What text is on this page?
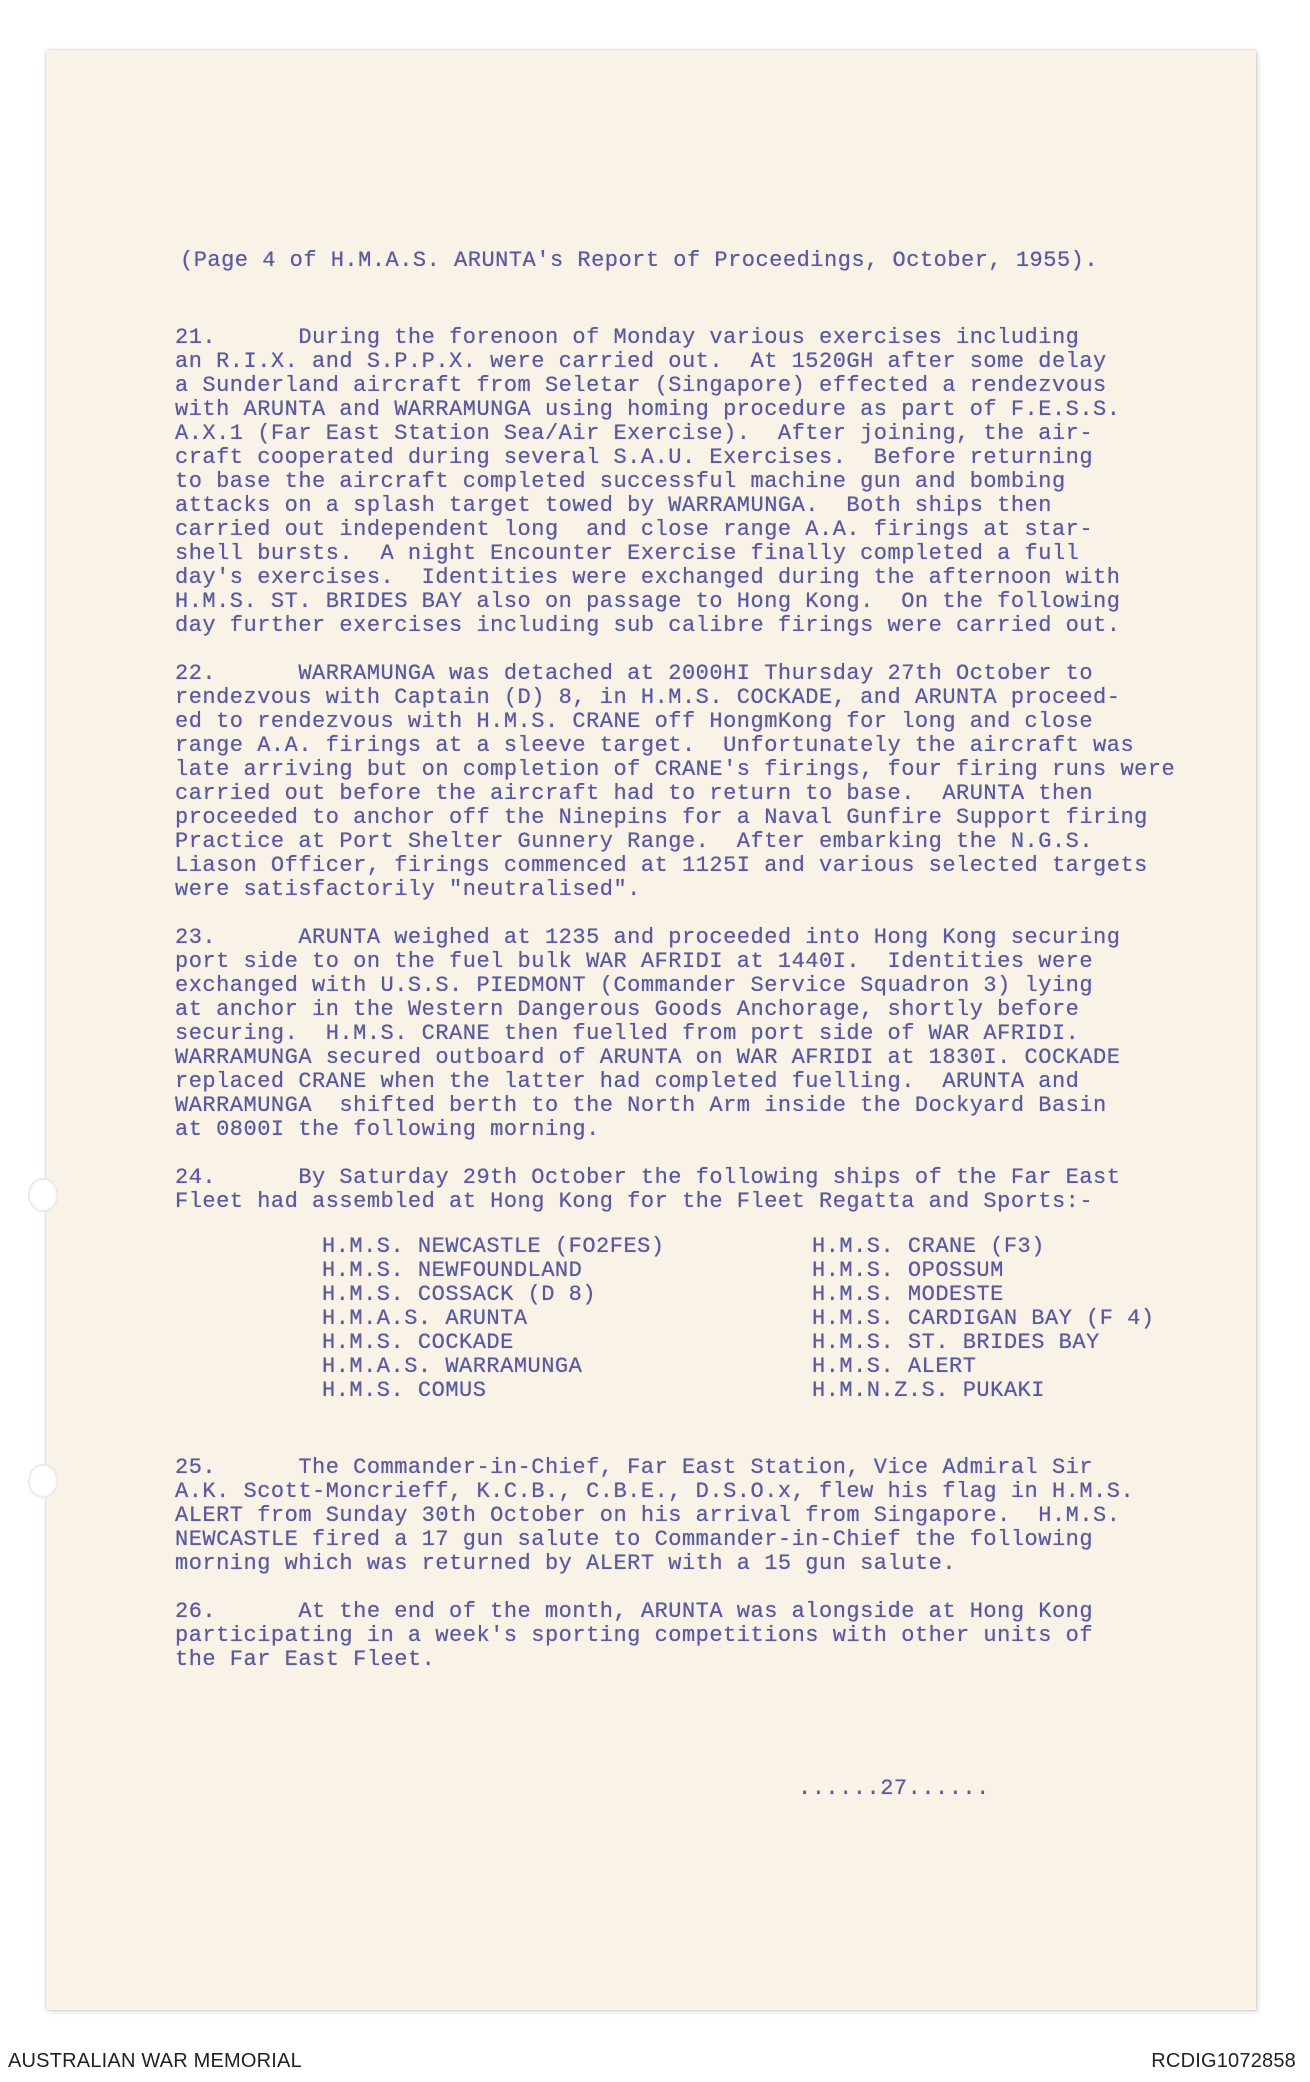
(Page 4 of H.M.A.S. ARUNTA's Report of Proceedings, October, 1955).
21.      During the forenoon of Monday various exercises including
an R.I.X. and S.P.P.X. were carried out.  At 1520GH after some delay
a Sunderland aircraft from Seletar (Singapore) effected a rendezvous
with ARUNTA and WARRAMUNGA using homing procedure as part of F.E.S.S.
A.X.1 (Far East Station Sea/Air Exercise).  After joining, the air-
craft cooperated during several S.A.U. Exercises.  Before returning
to base the aircraft completed successful machine gun and bombing
attacks on a splash target towed by WARRAMUNGA.  Both ships then
carried out independent long  and close range A.A. firings at star-
shell bursts.  A night Encounter Exercise finally completed a full
day's exercises.  Identities were exchanged during the afternoon with
H.M.S. ST. BRIDES BAY also on passage to Hong Kong.  On the following
day further exercises including sub calibre firings were carried out.
22.      WARRAMUNGA was detached at 2000HI Thursday 27th October to
rendezvous with Captain (D) 8, in H.M.S. COCKADE, and ARUNTA proceed-
ed to rendezvous with H.M.S. CRANE off HongmKong for long and close
range A.A. firings at a sleeve target.  Unfortunately the aircraft was
late arriving but on completion of CRANE's firings, four firing runs were
carried out before the aircraft had to return to base.  ARUNTA then
proceeded to anchor off the Ninepins for a Naval Gunfire Support firing
Practice at Port Shelter Gunnery Range.  After embarking the N.G.S.
Liason Officer, firings commenced at 1125I and various selected targets
were satisfactorily "neutralised".
23.      ARUNTA weighed at 1235 and proceeded into Hong Kong securing
port side to on the fuel bulk WAR AFRIDI at 1440I.  Identities were
exchanged with U.S.S. PIEDMONT (Commander Service Squadron 3) lying
at anchor in the Western Dangerous Goods Anchorage, shortly before
securing.  H.M.S. CRANE then fuelled from port side of WAR AFRIDI.
WARRAMUNGA secured outboard of ARUNTA on WAR AFRIDI at 1830I. COCKADE
replaced CRANE when the latter had completed fuelling.  ARUNTA and
WARRAMUNGA  shifted berth to the North Arm inside the Dockyard Basin
at 0800I the following morning.
24.      By Saturday 29th October the following ships of the Far East
Fleet had assembled at Hong Kong for the Fleet Regatta and Sports:-
H.M.S. NEWCASTLE (FO2FES)
H.M.S. NEWFOUNDLAND
H.M.S. COSSACK (D 8)
H.M.A.S. ARUNTA
H.M.S. COCKADE
H.M.A.S. WARRAMUNGA
H.M.S. COMUS
H.M.S. CRANE (F3)
H.M.S. OPOSSUM
H.M.S. MODESTE
H.M.S. CARDIGAN BAY (F 4)
H.M.S. ST. BRIDES BAY
H.M.S. ALERT
H.M.N.Z.S. PUKAKI
25.      The Commander-in-Chief, Far East Station, Vice Admiral Sir
A.K. Scott-Moncrieff, K.C.B., C.B.E., D.S.O.x, flew his flag in H.M.S.
ALERT from Sunday 30th October on his arrival from Singapore.  H.M.S.
NEWCASTLE fired a 17 gun salute to Commander-in-Chief the following
morning which was returned by ALERT with a 15 gun salute.
26.      At the end of the month, ARUNTA was alongside at Hong Kong
participating in a week's sporting competitions with other units of
the Far East Fleet.
......27......
AUSTRALIAN WAR MEMORIAL	RCDIG1072858
